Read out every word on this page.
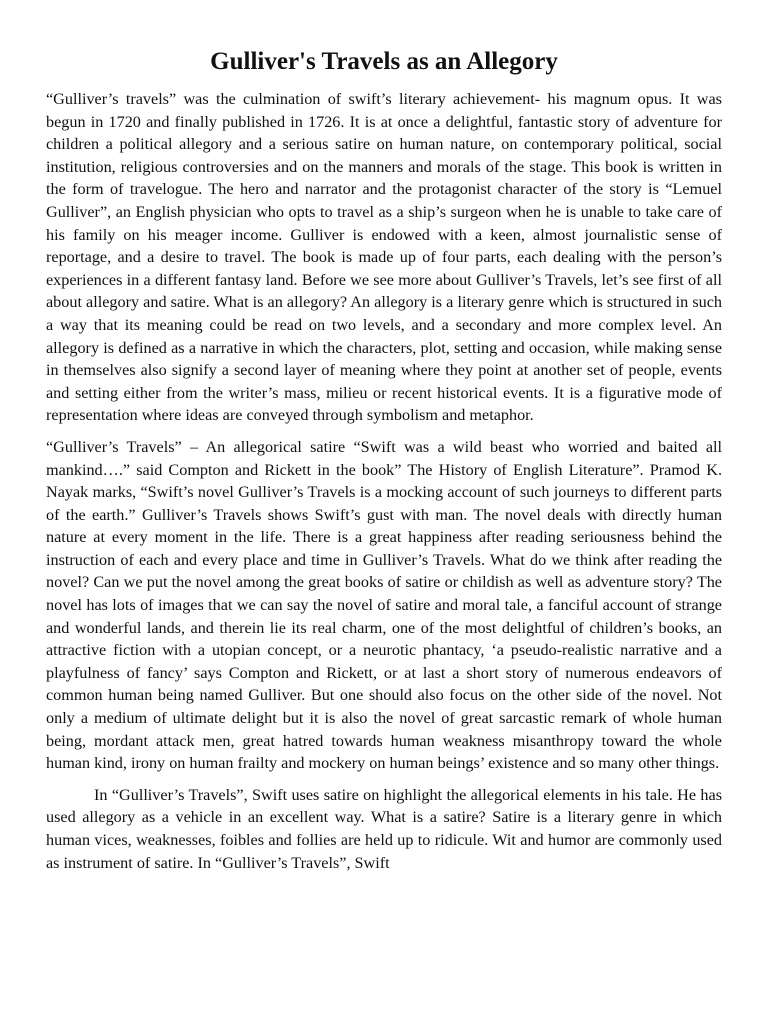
Gulliver's Travels as an Allegory

“Gulliver’s travels” was the culmination of swift’s literary achievement- his magnum opus. It was begun in 1720 and finally published in 1726. It is at once a delightful, fantastic story of adventure for children a political allegory and a serious satire on human nature, on contemporary political, social institution, religious controversies and on the manners and morals of the stage. This book is written in the form of travelogue. The hero and narrator and the protagonist character of the story is “Lemuel Gulliver”, an English physician who opts to travel as a ship’s surgeon when he is unable to take care of his family on his meager income. Gulliver is endowed with a keen, almost journalistic sense of reportage, and a desire to travel. The book is made up of four parts, each dealing with the person’s experiences in a different fantasy land. Before we see more about Gulliver’s Travels, let’s see first of all about allegory and satire. What is an allegory? An allegory is a literary genre which is structured in such a way that its meaning could be read on two levels, and a secondary and more complex level. An allegory is defined as a narrative in which the characters, plot, setting and occasion, while making sense in themselves also signify a second layer of meaning where they point at another set of people, events and setting either from the writer’s mass, milieu or recent historical events. It is a figurative mode of representation where ideas are conveyed through symbolism and metaphor.

“Gulliver’s Travels” – An allegorical satire “Swift was a wild beast who worried and baited all mankind….” said Compton and Rickett in the book” The History of English Literature”. Pramod K. Nayak marks, “Swift’s novel Gulliver’s Travels is a mocking account of such journeys to different parts of the earth.” Gulliver’s Travels shows Swift’s gust with man. The novel deals with directly human nature at every moment in the life. There is a great happiness after reading seriousness behind the instruction of each and every place and time in Gulliver’s Travels. What do we think after reading the novel? Can we put the novel among the great books of satire or childish as well as adventure story? The novel has lots of images that we can say the novel of satire and moral tale, a fanciful account of strange and wonderful lands, and therein lie its real charm, one of the most delightful of children’s books, an attractive fiction with a utopian concept, or a neurotic phantacy, ‘a pseudo-realistic narrative and a playfulness of fancy’ says Compton and Rickett, or at last a short story of numerous endeavors of common human being named Gulliver. But one should also focus on the other side of the novel. Not only a medium of ultimate delight but it is also the novel of great sarcastic remark of whole human being, mordant attack men, great hatred towards human weakness misanthropy toward the whole human kind, irony on human frailty and mockery on human beings’ existence and so many other things.

In “Gulliver’s Travels”, Swift uses satire on highlight the allegorical elements in his tale. He has used allegory as a vehicle in an excellent way. What is a satire? Satire is a literary genre in which human vices, weaknesses, foibles and follies are held up to ridicule. Wit and humor are commonly used as instrument of satire. In “Gulliver’s Travels”, Swift
